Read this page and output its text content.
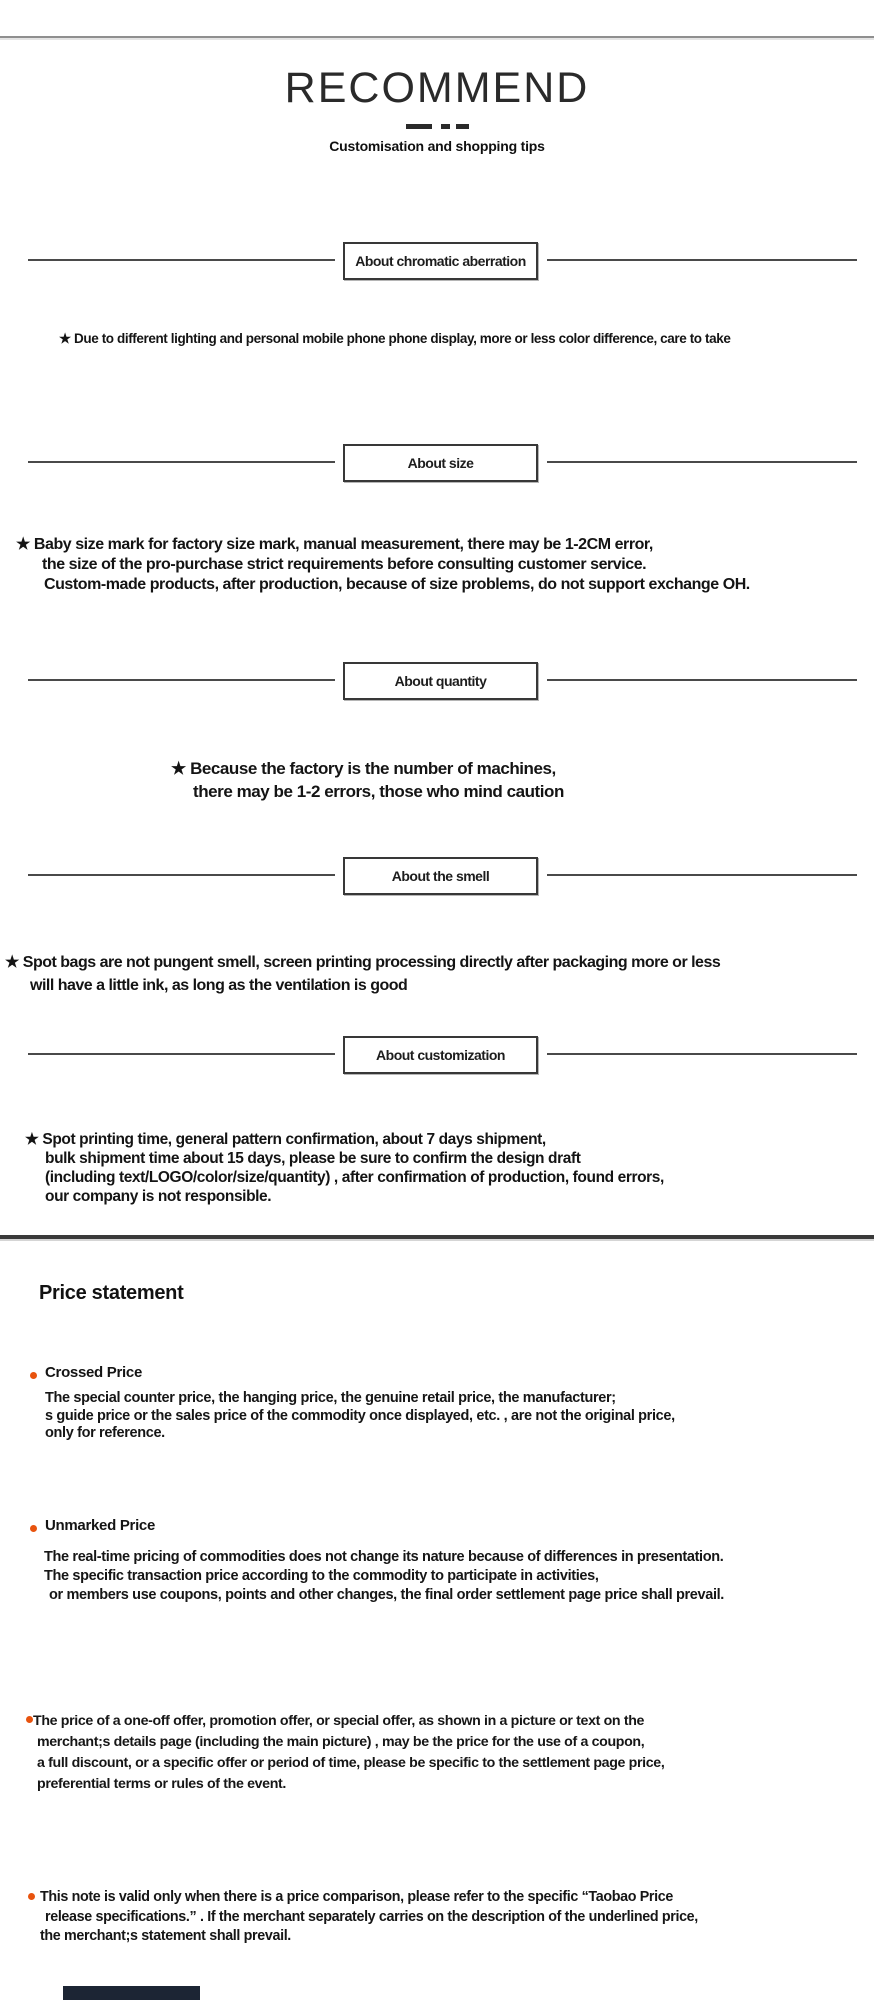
RECOMMEND
Customisation and shopping tips
About chromatic aberration
About size
About quantity
About the smell
About customization
★ Due to different lighting and personal mobile phone phone display, more or less color difference, care to take
★ Baby size mark for factory size mark, manual measurement, there may be 1-2CM error,
the size of the pro-purchase strict requirements before consulting customer service.
Custom-made products, after production, because of size problems, do not support exchange OH.
★ Because the factory is the number of machines,
there may be 1-2 errors, those who mind caution
★ Spot bags are not pungent smell, screen printing processing directly after packaging more or less
will have a little ink, as long as the ventilation is good
★ Spot printing time, general pattern confirmation, about 7 days shipment,
bulk shipment time about 15 days, please be sure to confirm the design draft
(including text/LOGO/color/size/quantity) , after confirmation of production, found errors,
our company is not responsible.
Price statement
Crossed Price
The special counter price, the hanging price, the genuine retail price, the manufacturer;
s guide price or the sales price of the commodity once displayed, etc. , are not the original price,
only for reference.
Unmarked Price
The real-time pricing of commodities does not change its nature because of differences in presentation.
The specific transaction price according to the commodity to participate in activities,
or members use coupons, points and other changes, the final order settlement page price shall prevail.
The price of a one-off offer, promotion offer, or special offer, as shown in a picture or text on the
merchant;s details page (including the main picture) , may be the price for the use of a coupon,
a full discount, or a specific offer or period of time, please be specific to the settlement page price,
preferential terms or rules of the event.
This note is valid only when there is a price comparison, please refer to the specific “Taobao Price
release specifications.” . If the merchant separately carries on the description of the underlined price,
the merchant;s statement shall prevail.
